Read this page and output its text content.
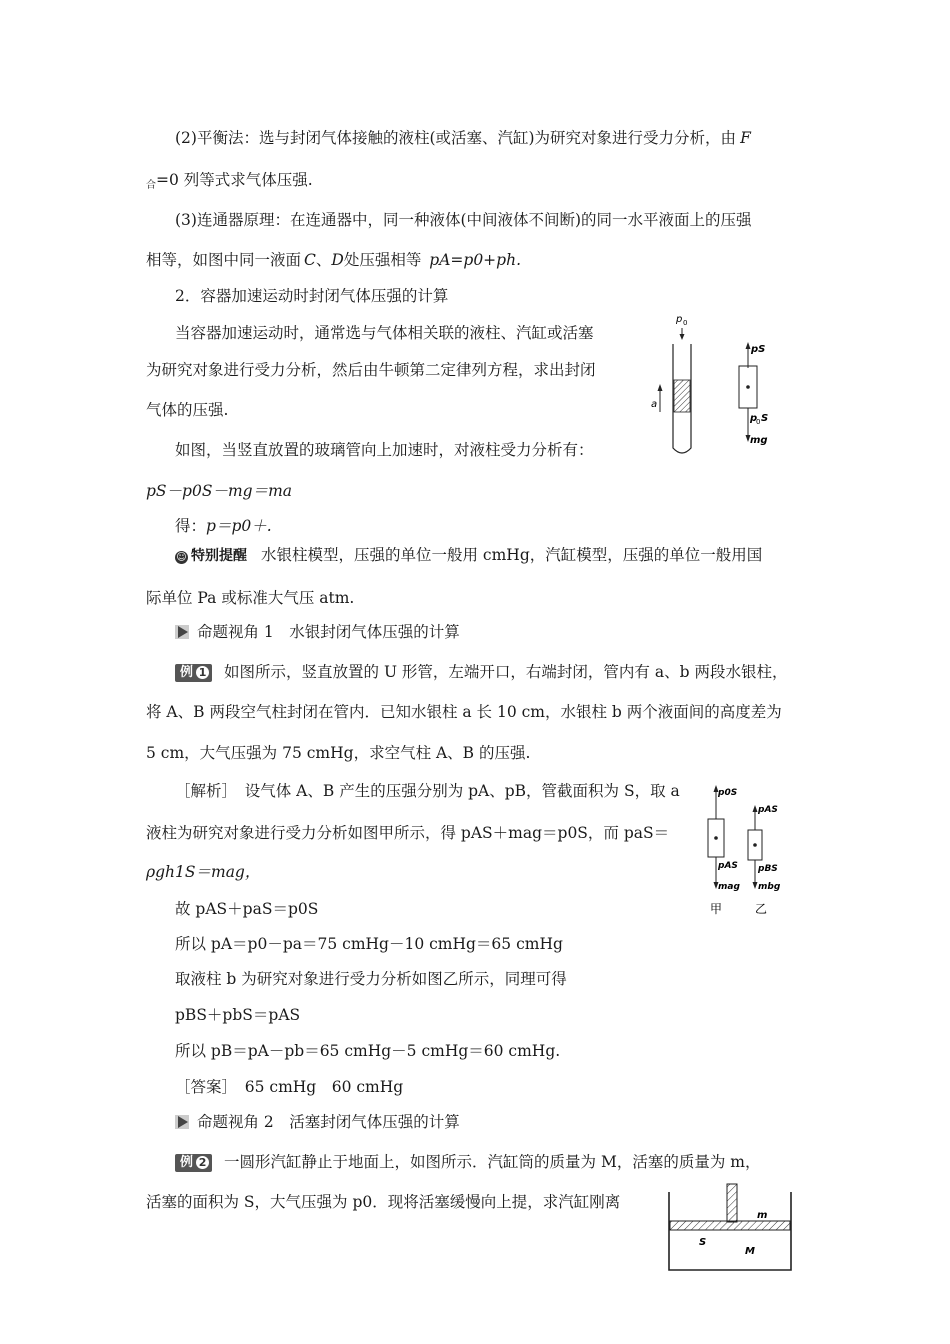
(2)平衡法：选与封闭气体接触的液柱(或活塞、汽缸)为研究对象进行受力分析，由 F
$_合$=0 列等式求气体压强.
(3)连通器原理：在连通器中，同一种液体(中间液体不间断)的同一水平液面上的压强
相等，如图中同一液面 C、D处压强相等 pA=p0+ph.
2．容器加速运动时封闭气体压强的计算
当容器加速运动时，通常选与气体相关联的液柱、汽缸或活塞
为研究对象进行受力分析，然后由牛顿第二定律列方程，求出封闭
气体的压强.
如图，当竖直放置的玻璃管向上加速时，对液柱受力分析有：
pS－p0S－mg＝ma
得：p＝p0＋.
p 0
a
pS
p
0 S
mg
☺ 特别提醒 水银柱模型，压强的单位一般用 cmHg，汽缸模型，压强的单位一般用国
际单位 Pa 或标准大气压 atm.
命题视角 1　水银封闭气体压强的计算
例 1 如图所示，竖直放置的 U 形管，左端开口，右端封闭，管内有 a、b 两段水银柱，
将 A、B 两段空气柱封闭在管内．已知水银柱 a 长 10 cm，水银柱 b 两个液面间的高度差为
5 cm，大气压强为 75 cmHg，求空气柱 A、B 的压强.
［解析］　设气体 A、B 产生的压强分别为 pA、pB，管截面积为 S，取 a
液柱为研究对象进行受力分析如图甲所示，得 pAS＋mag＝p0S，而 paS＝
ρgh1S＝mag，
故 pAS＋paS＝p0S
所以 pA＝p0－pa＝75 cmHg－10 cmHg＝65 cmHg
取液柱 b 为研究对象进行受力分析如图乙所示，同理可得
pBS＋pbS＝pAS
所以 pB＝pA－pb＝65 cmHg－5 cmHg＝60 cmHg.
［答案］　65 cmHg　60 cmHg
p0S
pAS
mag
pAS
pBS
mbg
甲	乙
命题视角 2　活塞封闭气体压强的计算
例 2 一圆形汽缸静止于地面上，如图所示．汽缸筒的质量为 M，活塞的质量为 m，
活塞的面积为 S，大气压强为 p0．现将活塞缓慢向上提，求汽缸刚离
m
S
M
